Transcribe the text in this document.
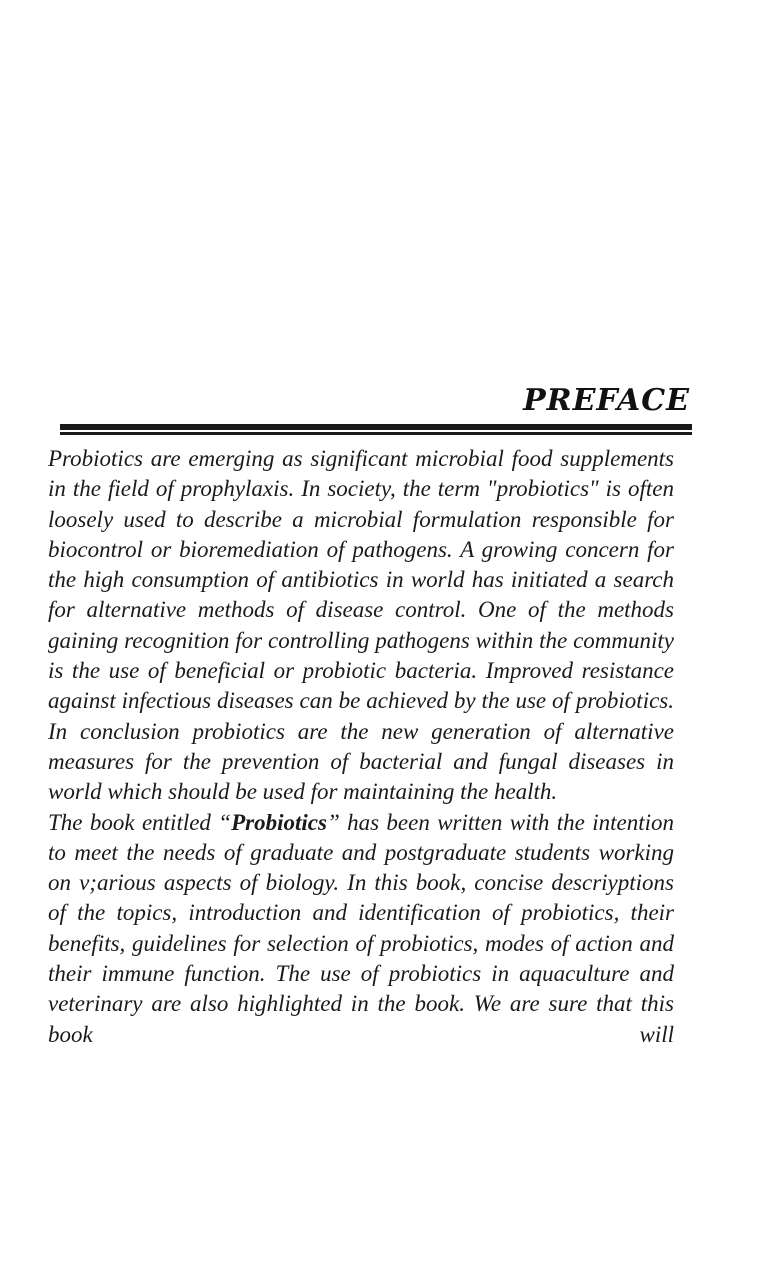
PREFACE

Probiotics are emerging as significant microbial food supplements in the field of prophylaxis. In society, the term "probiotics" is often loosely used to describe a microbial formulation responsible for biocontrol or bioremediation of pathogens. A growing concern for the high consumption of antibiotics in world has initiated a search for alternative methods of disease control. One of the methods gaining recognition for controlling pathogens within the community is the use of beneficial or probiotic bacteria. Improved resistance against infectious diseases can be achieved by the use of probiotics. In conclusion probiotics are the new generation of alternative measures for the prevention of bacterial and fungal diseases in world which should be used for maintaining the health.

The book entitled “Probiotics” has been written with the intention to meet the needs of graduate and postgraduate students working on v;arious aspects of biology. In this book, concise descriyptions of the topics, introduction and identification of probiotics, their benefits, guidelines for selection of probiotics, modes of action and their immune function. The use of probiotics in aquaculture and veterinary are also highlighted in the book. We are sure that this book will
